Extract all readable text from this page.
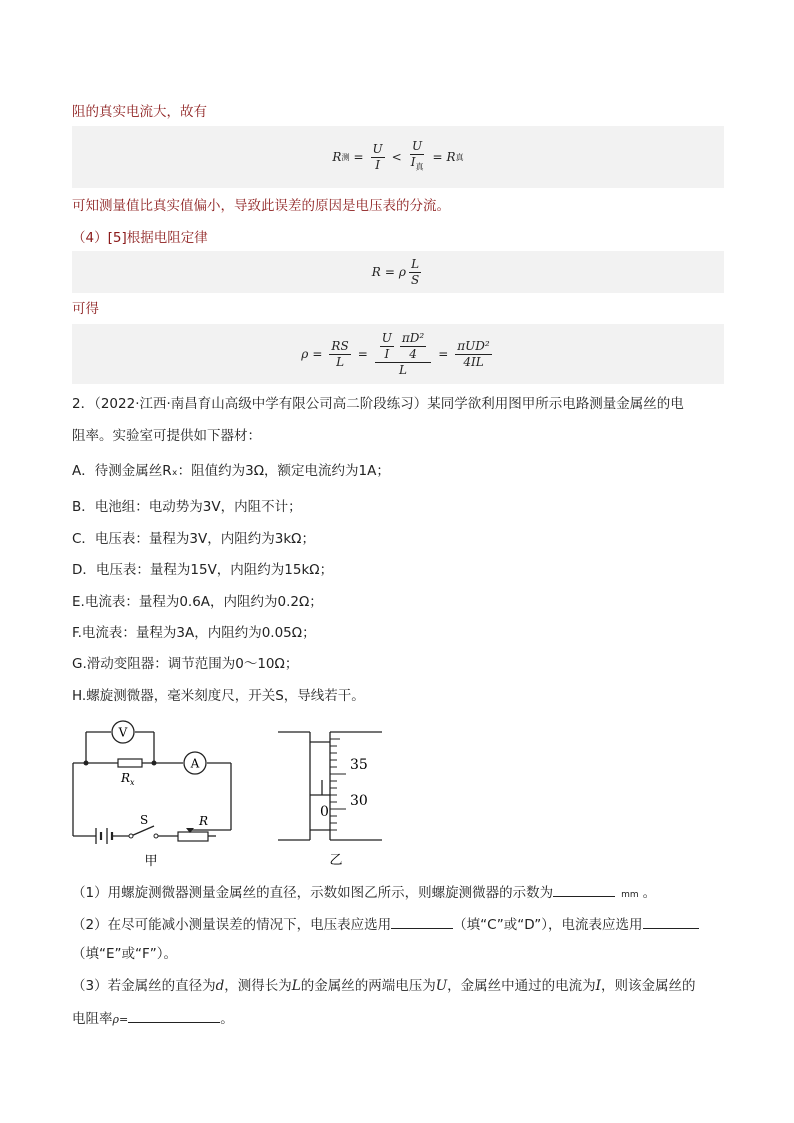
阻的真实电流大，故有
R 测 = $\frac{U}{I} < \frac{U}{I_真} = R$ 真
可知测量值比真实值偏小，导致此误差的原因是电压表的分流。
（4）[5]根据电阻定律
R = ρ $\frac{L}{S}$
可得
$\rho = \frac{RS}{L} = \frac{\frac{U}{I} \frac{\text{πD²}}{4}}{L} = \frac{\text{πUD²}}{4IL}$
2．（2022·江西·南昌育山高级中学有限公司高二阶段练习）某同学欲利用图甲所示电路测量金属丝的电
阻率。实验室可提供如下器材：
A．待测金属丝Rₓ：阻值约为3Ω，额定电流约为1A；
B．电池组：电动势为3V，内阻不计；
C．电压表：量程为3V，内阻约为3kΩ；
D．电压表：量程为15V，内阻约为15kΩ；
E.电流表：量程为0.6A，内阻约为0.2Ω；
F.电流表：量程为3A，内阻约为0.05Ω；
G.滑动变阻器：调节范围为0～10Ω；
H.螺旋测微器，毫米刻度尺，开关S，导线若干。
V
$R_x$
A
S	R
甲
35
30
0
乙
（1）用螺旋测微器测量金属丝的直径，示数如图乙所示，则螺旋测微器的示数为	mm 。
（2）在尽可能减小测量误差的情况下，电压表应选用	（填“C”或“D”），电流表应选用
（填“E”或“F”）。
（3）若金属丝的直径为d，测得长为L的金属丝的两端电压为U，金属丝中通过的电流为I，则该金属丝的
电阻率ρ=	。
